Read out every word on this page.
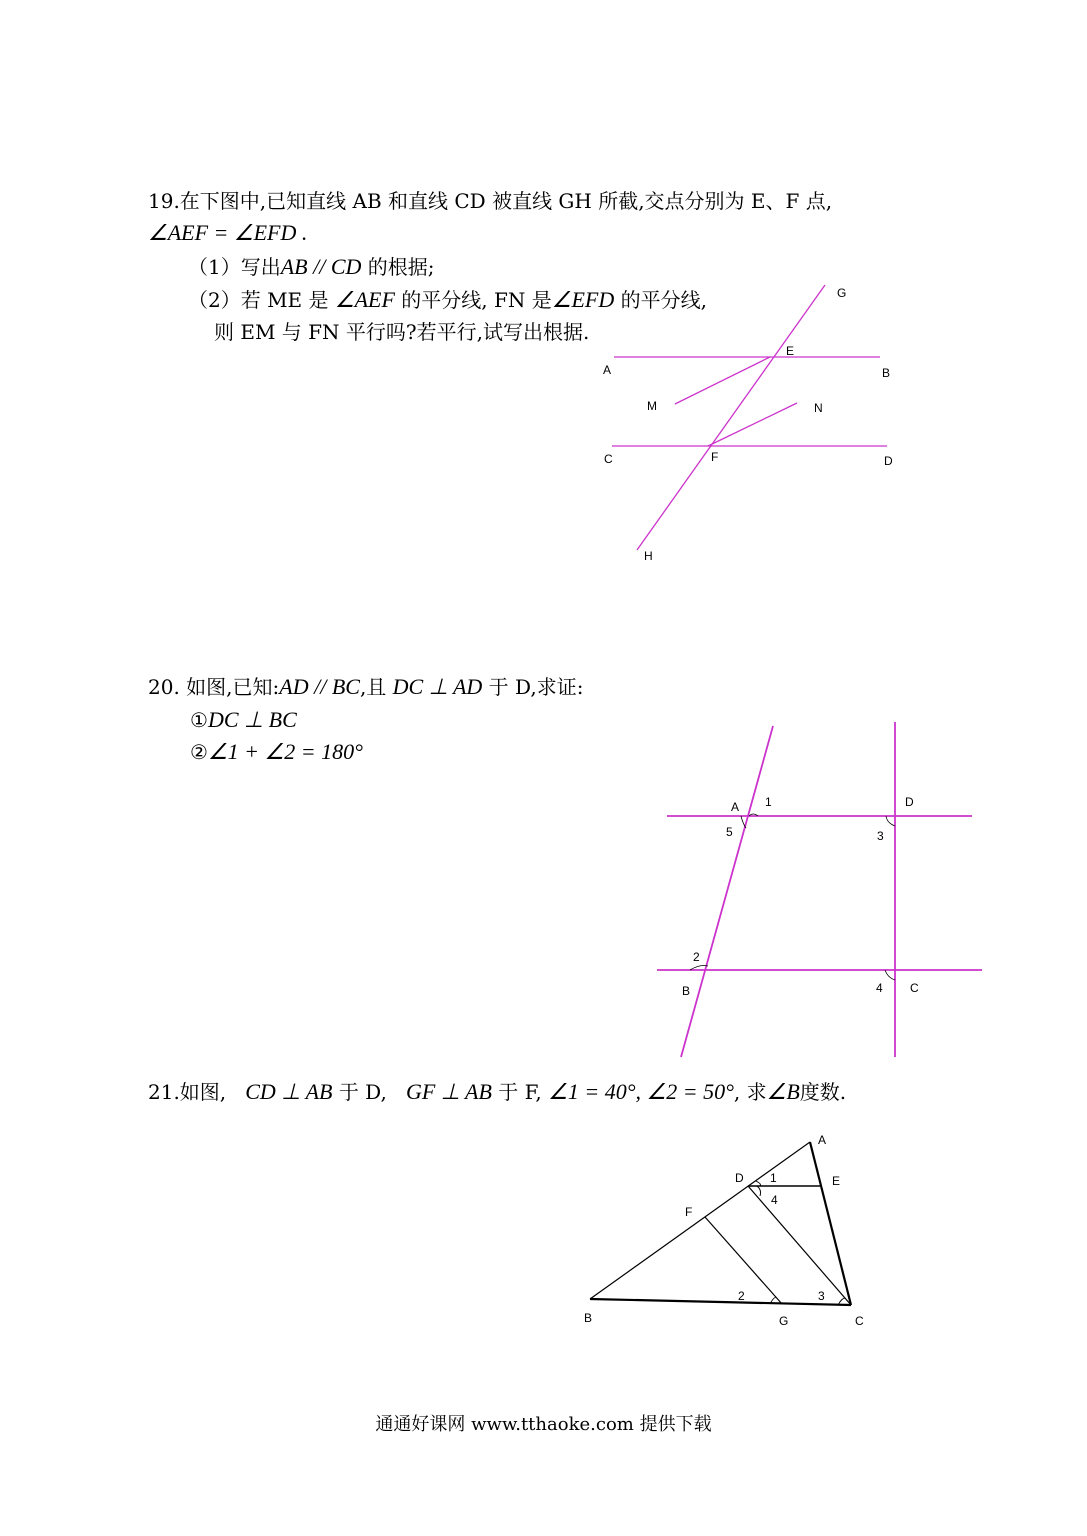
19.在下图中,已知直线 AB 和直线 CD 被直线 GH 所截,交点分别为 E、F 点,
∠AEF = ∠EFD .
（1）写出AB // CD 的根据;
（2）若 ME 是 ∠AEF 的平分线, FN 是∠EFD 的平分线,
则 EM 与 FN 平行吗?若平行,试写出根据.
G
E
A	B
M	N
C	F	D
H
20. 如图,已知:AD // BC,且 DC ⊥ AD 于 D,求证:
①DC ⊥ BC
②∠1 + ∠2 = 180°
A 1	D
5	3
2
B	4 C
21.如图, CD ⊥ AB 于 D, GF ⊥ AB 于 F, ∠1 = 40°, ∠2 = 50°, 求∠B度数.
A
D 1	E
4
F
2	3
B	G	C
通通好课网 www.tthaoke.com 提供下载
